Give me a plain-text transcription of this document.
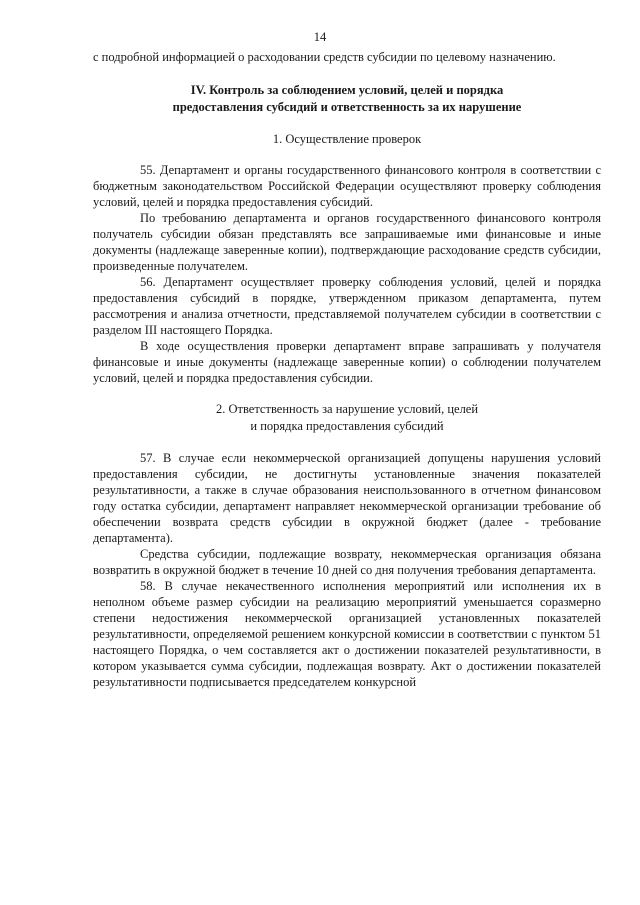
14

с подробной информацией о расходовании средств субсидии по целевому назначению.

IV. Контроль за соблюдением условий, целей и порядка
предоставления субсидий и ответственность за их нарушение
1. Осуществление проверок

55. Департамент и органы государственного финансового контроля в соответствии с бюджетным законодательством Российской Федерации осуществляют проверку соблюдения условий, целей и порядка предоставления субсидий.

По требованию департамента и органов государственного финансового контроля получатель субсидии обязан представлять все запрашиваемые ими финансовые и иные документы (надлежаще заверенные копии), подтверждающие расходование средств субсидии, произведенные получателем.

56. Департамент осуществляет проверку соблюдения условий, целей и порядка предоставления субсидий в порядке, утвержденном приказом департамента, путем рассмотрения и анализа отчетности, представляемой получателем субсидии в соответствии с разделом III настоящего Порядка.

В ходе осуществления проверки департамент вправе запрашивать у получателя финансовые и иные документы (надлежаще заверенные копии) о соблюдении получателем условий, целей и порядка предоставления субсидии.

2. Ответственность за нарушение условий, целей
и порядка предоставления субсидий

57. В случае если некоммерческой организацией допущены нарушения условий предоставления субсидии, не достигнуты установленные значения показателей результативности, а также в случае образования неиспользованного в отчетном финансовом году остатка субсидии, департамент направляет некоммерческой организации требование об обеспечении возврата средств субсидии в окружной бюджет (далее - требование департамента).

Средства субсидии, подлежащие возврату, некоммерческая организация обязана возвратить в окружной бюджет в течение 10 дней со дня получения требования департамента.

58. В случае некачественного исполнения мероприятий или исполнения их в неполном объеме размер субсидии на реализацию мероприятий уменьшается соразмерно степени недостижения некоммерческой организацией установленных показателей результативности, определяемой решением конкурсной комиссии в соответствии с пунктом 51 настоящего Порядка, о чем составляется акт о достижении показателей результативности, в котором указывается сумма субсидии, подлежащая возврату. Акт о достижении показателей результативности подписывается председателем конкурсной
